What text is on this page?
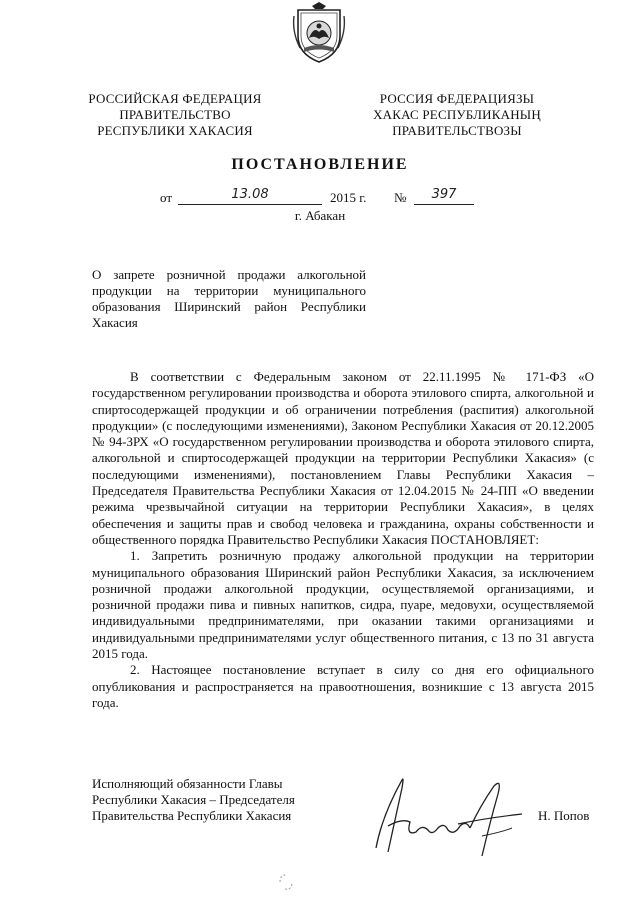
РОССИЙСКАЯ ФЕДЕРАЦИЯ
ПРАВИТЕЛЬСТВО
РЕСПУБЛИКИ ХАКАСИЯ
РОССИЯ ФЕДЕРАЦИЯЗЫ
ХАКАС РЕСПУБЛИКАНЫҢ
ПРАВИТЕЛЬСТВОЗЫ
ПОСТАНОВЛЕНИЕ
от	13.08	2015 г. №	397
г. Абакан
О запрете розничной продажи алкогольной продукции на территории муниципального образования Ширинский район Республики Хакасия

В соответствии с Федеральным законом от 22.11.1995 № 171-ФЗ «О государственном регулировании производства и оборота этилового спирта, алкогольной и спиртосодержащей продукции и об ограничении потребления (распития) алкогольной продукции» (с последующими изменениями), Законом Республики Хакасия от 20.12.2005 № 94-ЗРХ «О государственном регулировании производства и оборота этилового спирта, алкогольной и спиртосодержащей продукции на территории Республики Хакасия» (с последующими изменениями), постановлением Главы Республики Хакасия – Председателя Правительства Республики Хакасия от 12.04.2015 № 24-ПП «О введении режима чрезвычайной ситуации на территории Республики Хакасия», в целях обеспечения и защиты прав и свобод человека и гражданина, охраны собственности и общественного порядка Правительство Республики Хакасия ПОСТАНОВЛЯЕТ:

1. Запретить розничную продажу алкогольной продукции на территории муниципального образования Ширинский район Республики Хакасия, за исключением розничной продажи алкогольной продукции, осуществляемой организациями, и розничной продажи пива и пивных напитков, сидра, пуаре, медовухи, осуществляемой индивидуальными предпринимателями, при оказании такими организациями и индивидуальными предпринимателями услуг общественного питания, с 13 по 31 августа 2015 года.

2. Настоящее постановление вступает в силу со дня его официального опубликования и распространяется на правоотношения, возникшие с 13 августа 2015 года.

Исполняющий обязанности Главы
Республики Хакасия – Председателя
Правительства Республики Хакасия	Н. Попов
